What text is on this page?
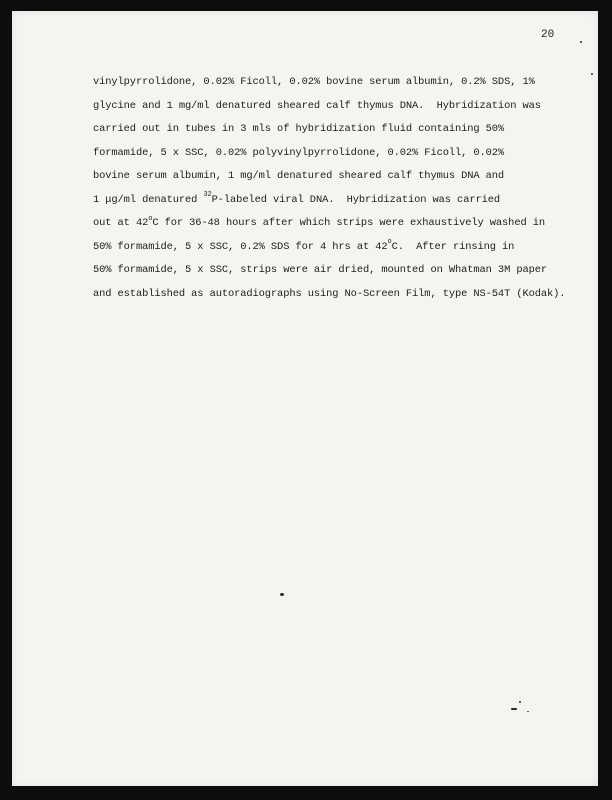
20
vinylpyrrolidone, 0.02% Ficoll, 0.02% bovine serum albumin, 0.2% SDS, 1%
glycine and 1 mg/ml denatured sheared calf thymus DNA.  Hybridization was
carried out in tubes in 3 mls of hybridization fluid containing 50%
formamide, 5 x SSC, 0.02% polyvinylpyrrolidone, 0.02% Ficoll, 0.02%
bovine serum albumin, 1 mg/ml denatured sheared calf thymus DNA and
1 μg/ml denatured $^{32}$P-labeled viral DNA.  Hybridization was carried
out at 42$^o$C for 36-48 hours after which strips were exhaustively washed in
50% formamide, 5 x SSC, 0.2% SDS for 4 hrs at 42$^o$C.  After rinsing in
50% formamide, 5 x SSC, strips were air dried, mounted on Whatman 3M paper
and established as autoradiographs using No-Screen Film, type NS-54T (Kodak).
